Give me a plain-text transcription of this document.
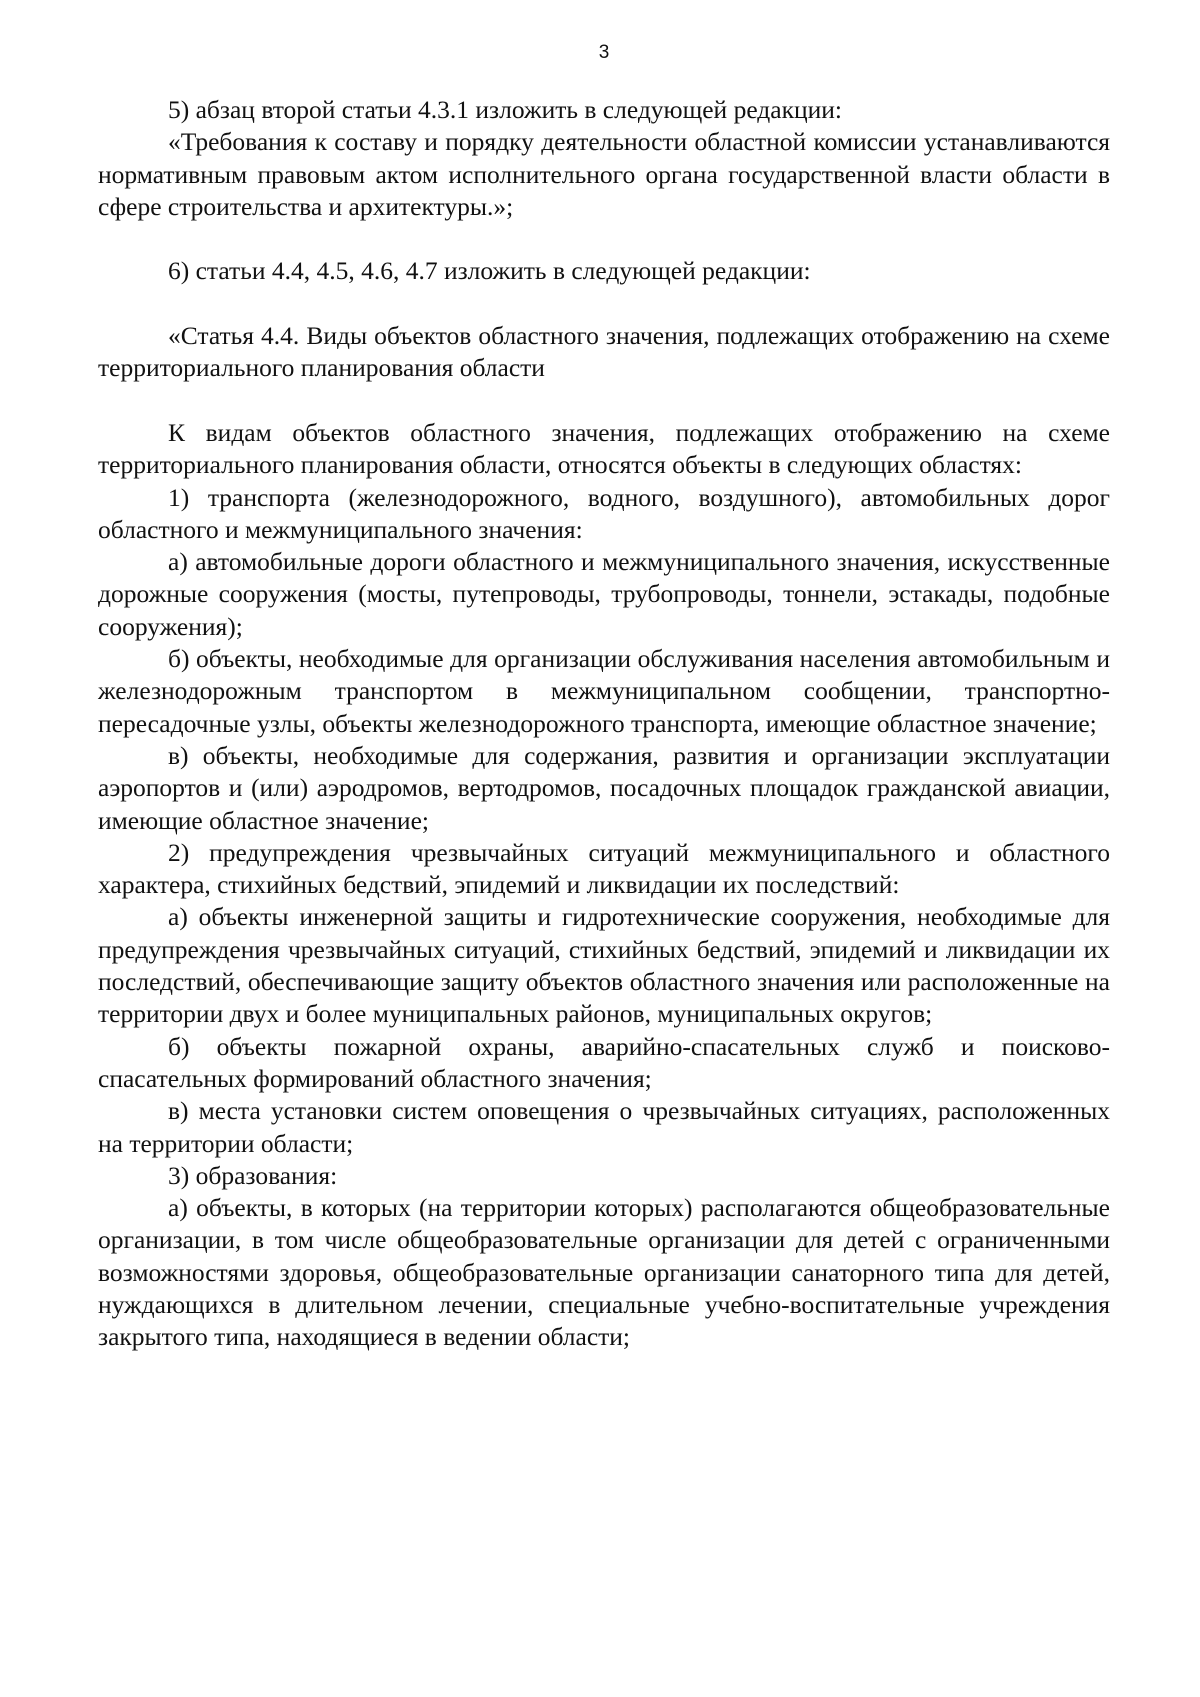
3

5) абзац второй статьи 4.3.1 изложить в следующей редакции:

«Требования к составу и порядку деятельности областной комиссии устанавливаются нормативным правовым актом исполнительного органа государственной власти области в сфере строительства и архитектуры.»;

6) статьи 4.4, 4.5, 4.6, 4.7 изложить в следующей редакции:

«Статья 4.4. Виды объектов областного значения, подлежащих отображению на схеме территориального планирования области

К видам объектов областного значения, подлежащих отображению на схеме территориального планирования области, относятся объекты в следующих областях:

1) транспорта (железнодорожного, водного, воздушного), автомобильных дорог областного и межмуниципального значения:

а) автомобильные дороги областного и межмуниципального значения, искусственные дорожные сооружения (мосты, путепроводы, трубопроводы, тоннели, эстакады, подобные сооружения);

б) объекты, необходимые для организации обслуживания населения автомобильным и железнодорожным транспортом в межмуниципальном сообщении, транспортно-пересадочные узлы, объекты железнодорожного транспорта, имеющие областное значение;

в) объекты, необходимые для содержания, развития и организации эксплуатации аэропортов и (или) аэродромов, вертодромов, посадочных площадок гражданской авиации, имеющие областное значение;

2) предупреждения чрезвычайных ситуаций межмуниципального и областного характера, стихийных бедствий, эпидемий и ликвидации их последствий:

а) объекты инженерной защиты и гидротехнические сооружения, необходимые для предупреждения чрезвычайных ситуаций, стихийных бедствий, эпидемий и ликвидации их последствий, обеспечивающие защиту объектов областного значения или расположенные на территории двух и более муниципальных районов, муниципальных округов;

б) объекты пожарной охраны, аварийно-спасательных служб и поисково-спасательных формирований областного значения;

в) места установки систем оповещения о чрезвычайных ситуациях, расположенных на территории области;

3) образования:

а) объекты, в которых (на территории которых) располагаются общеобразовательные организации, в том числе общеобразовательные организации для детей с ограниченными возможностями здоровья, общеобразовательные организации санаторного типа для детей, нуждающихся в длительном лечении, специальные учебно-воспитательные учреждения закрытого типа, находящиеся в ведении области;
